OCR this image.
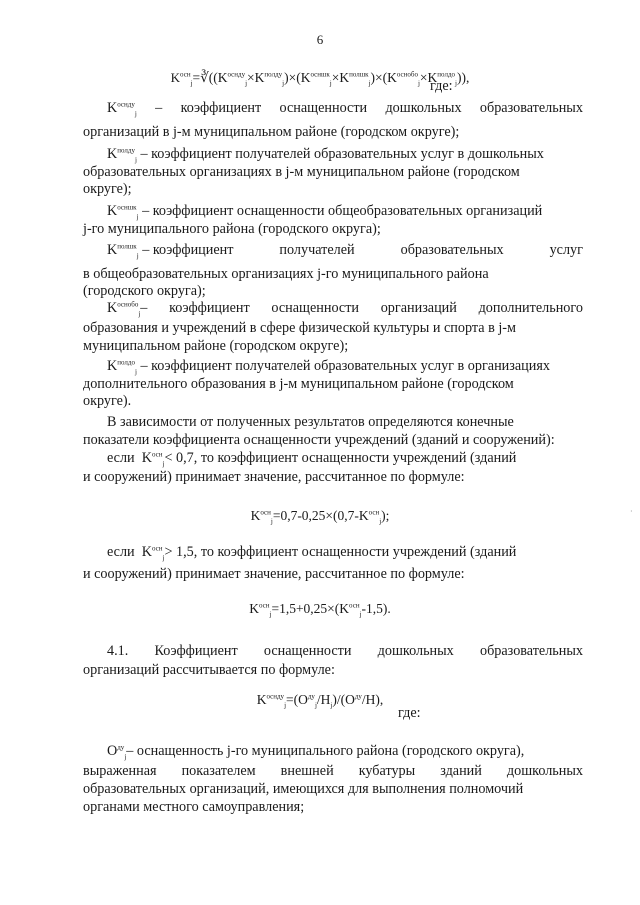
6
$K^{осн}_j=∛((K^{оснду}_j\times K^{полду}_j)\times(K^{осншк}_j\times K^{полшк}_j)\times(K^{оснобо}_j\times K^{полдо}_j))$,
где:
$K^{оснду}_j$ – коэффициент оснащенности дошкольных образовательных
организаций в j-м муниципальном районе (городском округе);
$K^{полду}_j$ – коэффициент получателей образовательных услуг в дошкольных
образовательных организациях в j-м муниципальном районе (городском
округе);
$K^{осншк}_j$ – коэффициент оснащенности общеобразовательных организаций
j-го муниципального района (городского округа);
$K^{полшк}_j$ – коэффициент	получателей	образовательных	услуг
в общеобразовательных организациях j-го муниципального района
(городского округа);
$K^{оснобо}_j-$ коэффициент оснащенности организаций дополнительного
образования и учреждений в сфере физической культуры и спорта в j-м
муниципальном районе (городском округе);
$K^{полдо}_j$ – коэффициент получателей образовательных услуг в организациях
дополнительного образования в j-м муниципальном районе (городском
округе).
В зависимости от полученных результатов определяются конечные
показатели коэффициента оснащенности учреждений (зданий и сооружений):
если $K^{осн}_j< 0,7$, то коэффициент оснащенности учреждений (зданий
и сооружений) принимает значение, рассчитанное по формуле:
$K^{осн}_j=0,7-0,25\times(0,7-K^{осн}_j)$;
если $K^{осн}_j> 1,5$, то коэффициент оснащенности учреждений (зданий
и сооружений) принимает значение, рассчитанное по формуле:
$K^{осн}_j=1,5+0,25\times(K^{осн}_j-1,5)$.
4.1. Коэффициент оснащенности дошкольных образовательных
организаций рассчитывается по формуле:
$K^{оснду}_j=(O^{ду}_j/H_j)/(O^{ду}/H)$,
где:
$O^{ду}_j-$ оснащенность j-го муниципального района (городского округа),
выраженная показателем внешней кубатуры зданий дошкольных
образовательных организаций, имеющихся для выполнения полномочий
органами местного самоуправления;
·
